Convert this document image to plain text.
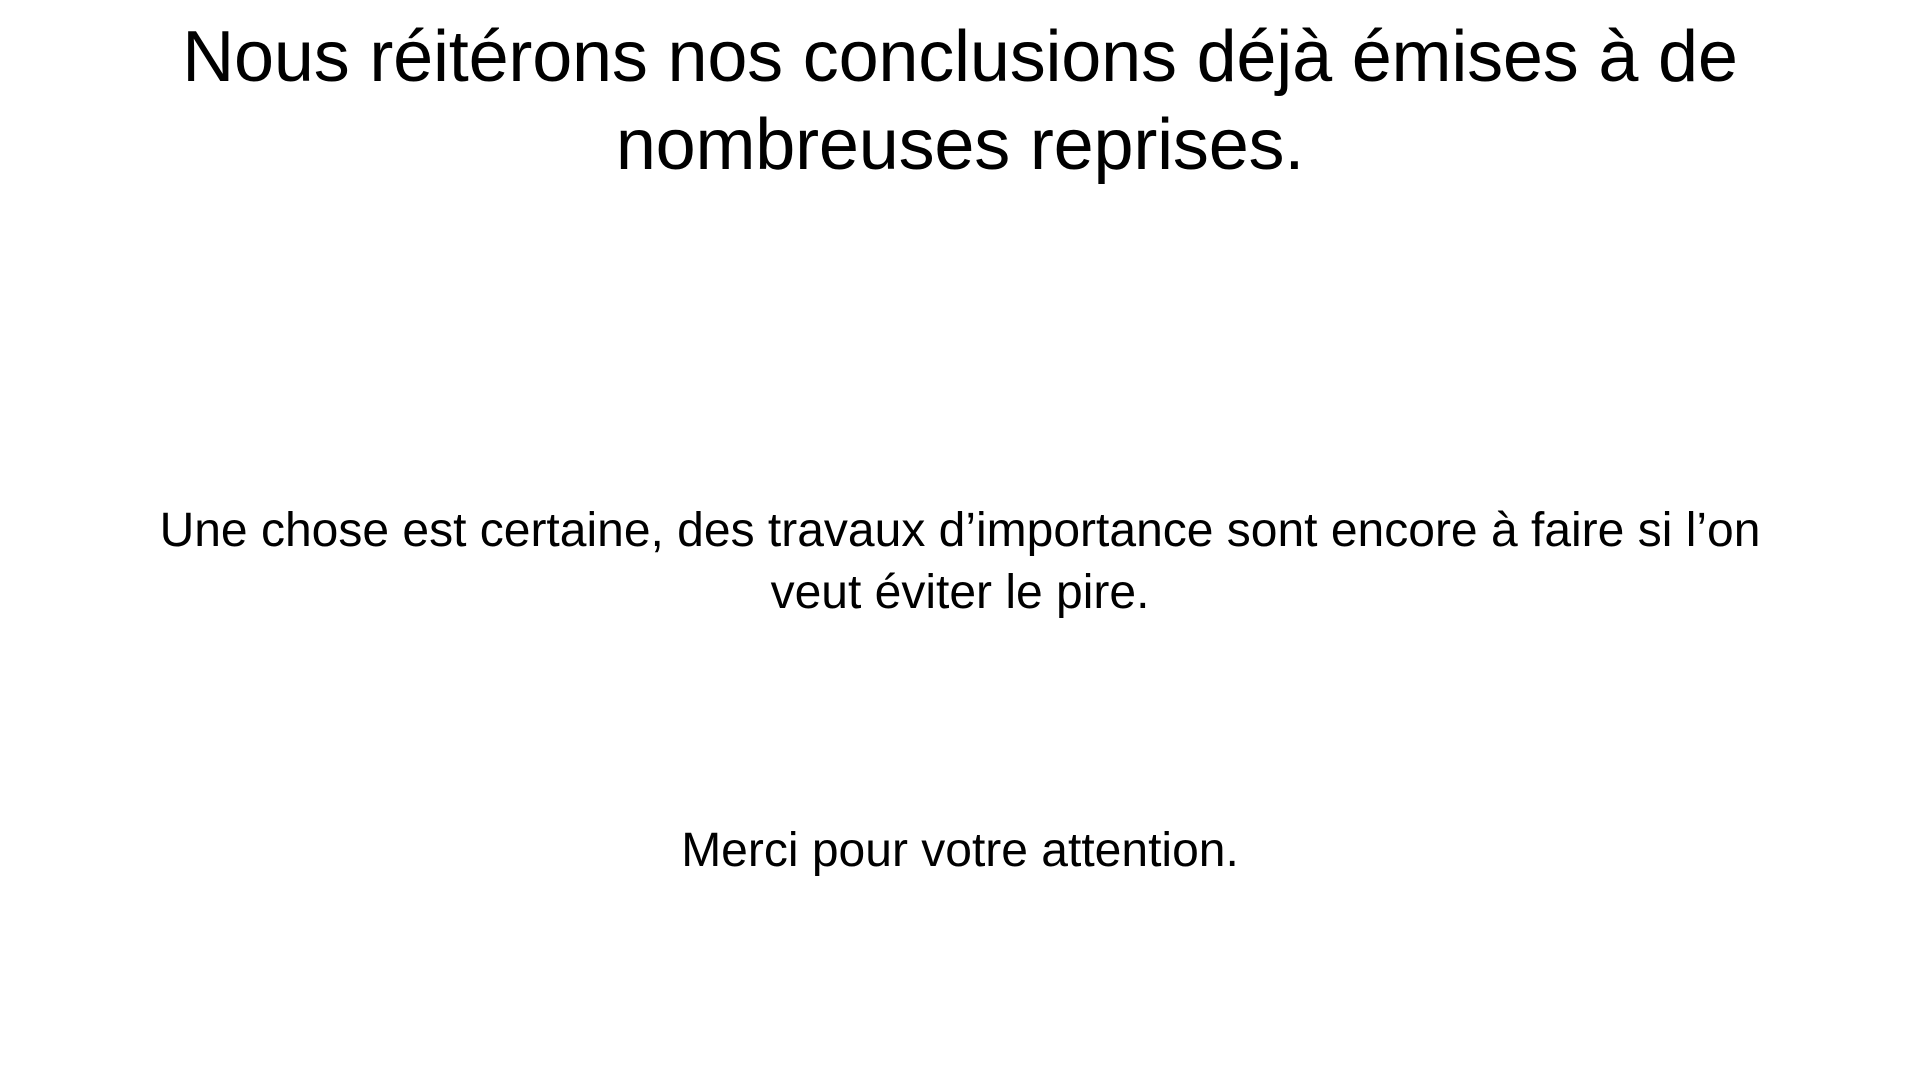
Nous réitérons nos conclusions déjà émises à de nombreuses reprises.
Une chose est certaine, des travaux d’importance sont encore à faire si l’on veut éviter le pire.
Merci pour votre attention.
